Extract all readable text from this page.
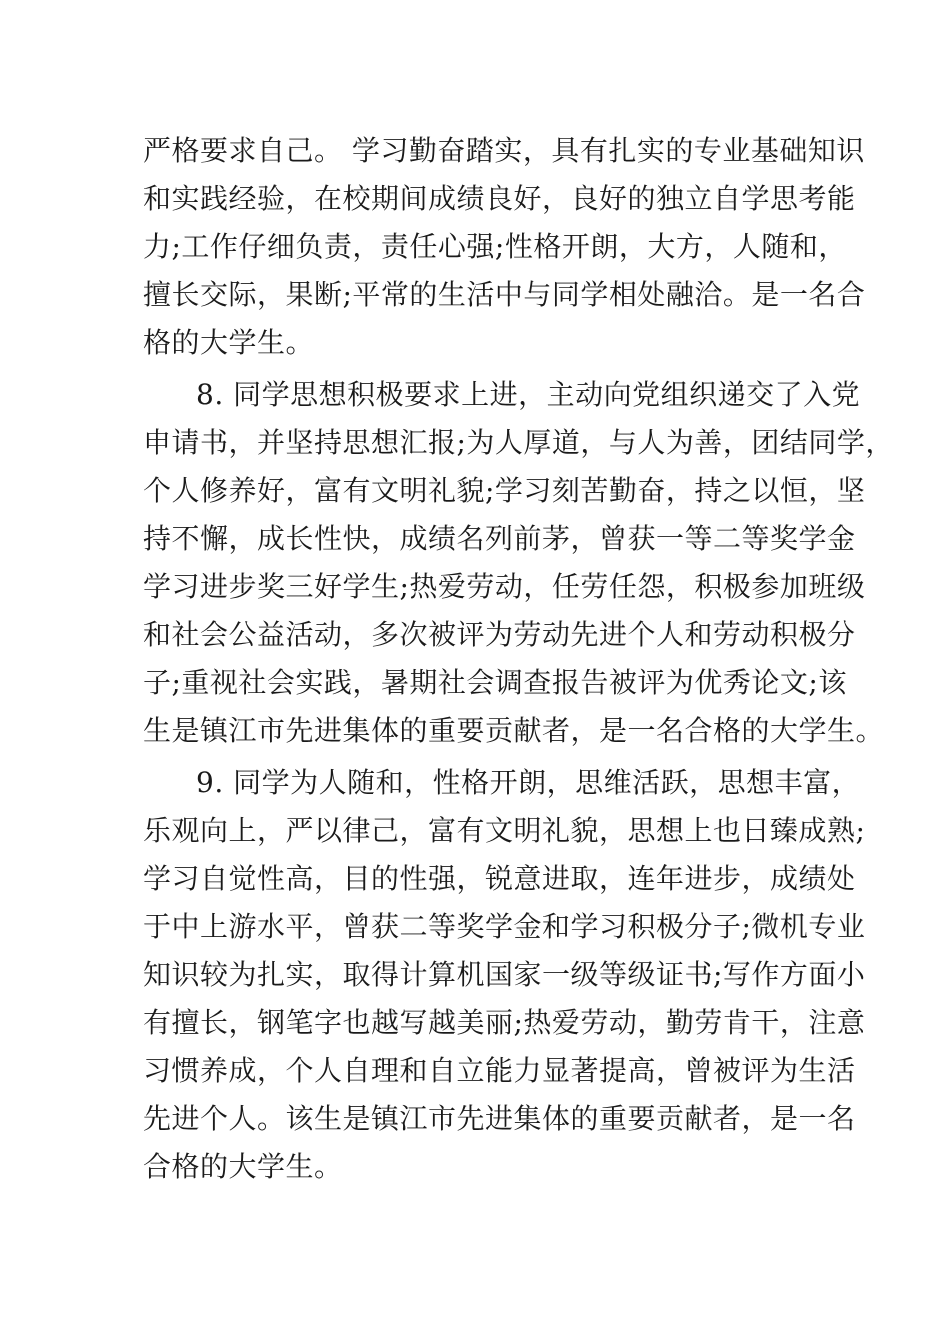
严格要求自己。 学习勤奋踏实，具有扎实的专业基础知识
和实践经验，在校期间成绩良好，良好的独立自学思考能
力;工作仔细负责，责任心强;性格开朗，大方，人随和，
擅长交际，果断;平常的生活中与同学相处融洽。是一名合
格的大学生。
8. 同学思想积极要求上进，主动向党组织递交了入党
申请书，并坚持思想汇报;为人厚道，与人为善，团结同学，
个人修养好，富有文明礼貌;学习刻苦勤奋，持之以恒，坚
持不懈，成长性快，成绩名列前茅，曾获一等二等奖学金
学习进步奖三好学生;热爱劳动，任劳任怨，积极参加班级
和社会公益活动，多次被评为劳动先进个人和劳动积极分
子;重视社会实践，暑期社会调查报告被评为优秀论文;该
生是镇江市先进集体的重要贡献者，是一名合格的大学生。
9. 同学为人随和，性格开朗，思维活跃，思想丰富，
乐观向上，严以律己，富有文明礼貌，思想上也日臻成熟;
学习自觉性高，目的性强，锐意进取，连年进步，成绩处
于中上游水平，曾获二等奖学金和学习积极分子;微机专业
知识较为扎实，取得计算机国家一级等级证书;写作方面小
有擅长，钢笔字也越写越美丽;热爱劳动，勤劳肯干，注意
习惯养成，个人自理和自立能力显著提高，曾被评为生活
先进个人。该生是镇江市先进集体的重要贡献者，是一名
合格的大学生。
